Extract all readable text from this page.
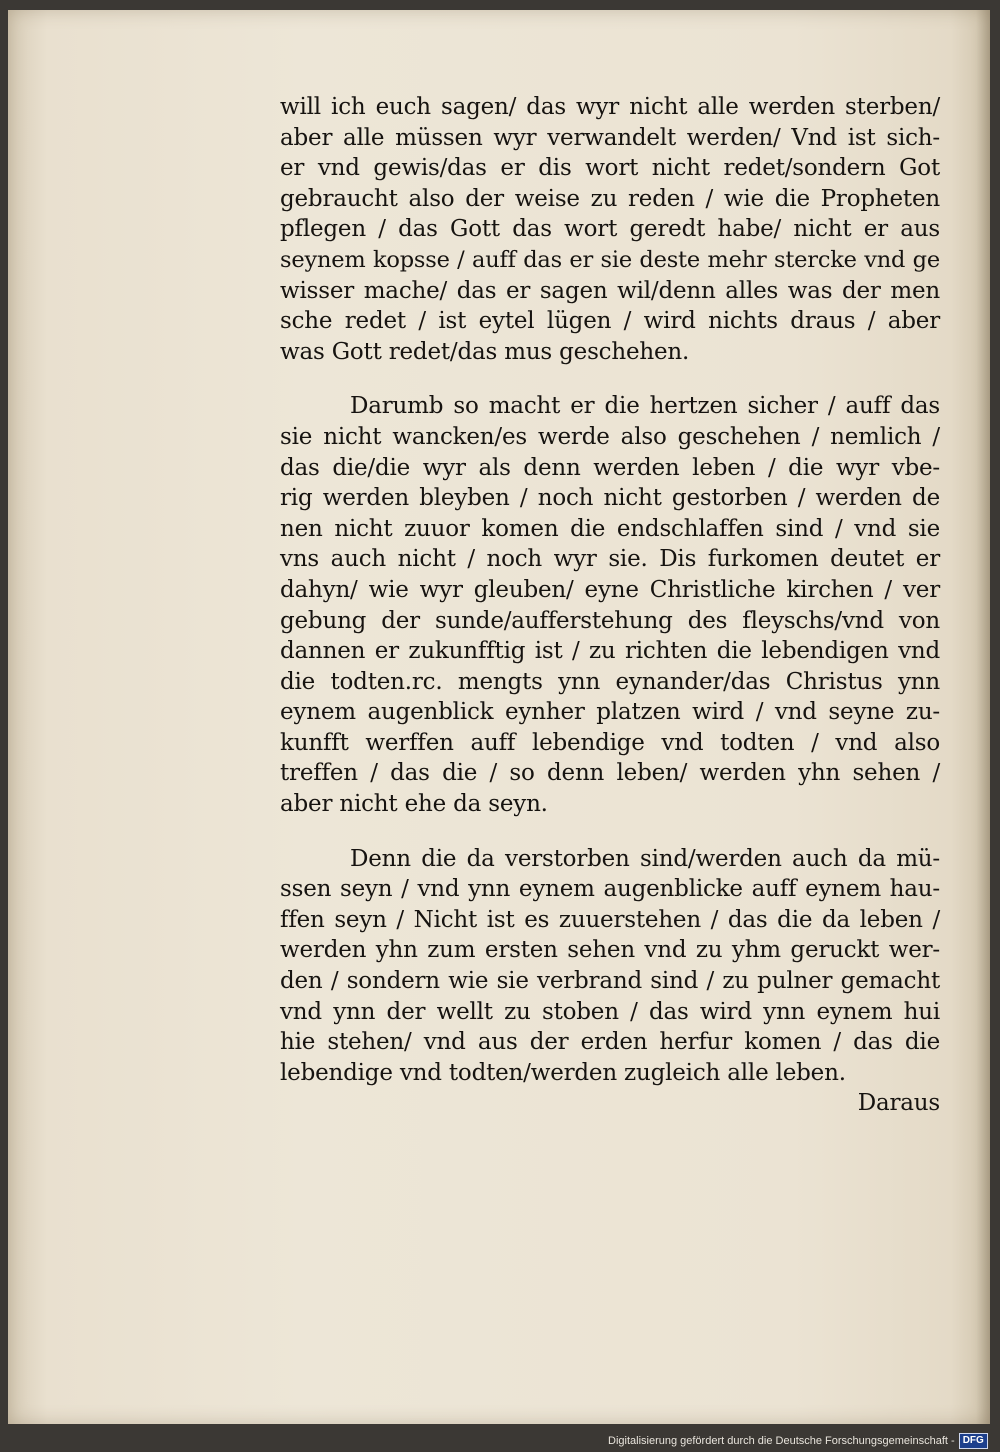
will ich euch sagen/ das wyr nicht alle werden sterben/
aber alle müssen wyr verwandelt werden/ Vnd ist sich-
er vnd gewis/das er dis wort nicht redet/sondern Got
gebraucht also der weise zu reden / wie die Propheten
pflegen / das Gott das wort geredt habe/ nicht er aus
seynem kopsse / auff das er sie deste mehr stercke vnd ge
wisser mache/ das er sagen wil/denn alles was der men
sche redet / ist eytel lügen / wird nichts draus / aber
was Gott redet/das mus geschehen.
Darumb so macht er die hertzen sicher / auff das
sie nicht wancken/es werde also geschehen / nemlich /
das die/die wyr als denn werden leben / die wyr vbe-
rig werden bleyben / noch nicht gestorben / werden de
nen nicht zuuor komen die endschlaffen sind / vnd sie
vns auch nicht / noch wyr sie. Dis furkomen deutet er
dahyn/ wie wyr gleuben/ eyne Christliche kirchen / ver
gebung der sunde/aufferstehung des fleyschs/vnd von
dannen er zukunfftig ist / zu richten die lebendigen vnd
die todten.rc. mengts ynn eynander/das Christus ynn
eynem augenblick eynher platzen wird / vnd seyne zu-
kunfft werffen auff lebendige vnd todten / vnd also
treffen / das die / so denn leben/ werden yhn sehen /
aber nicht ehe da seyn.
Denn die da verstorben sind/werden auch da mü-
ssen seyn / vnd ynn eynem augenblicke auff eynem hau-
ffen seyn / Nicht ist es zuuerstehen / das die da leben /
werden yhn zum ersten sehen vnd zu yhm geruckt wer-
den / sondern wie sie verbrand sind / zu pulner gemacht
vnd ynn der wellt zu stoben / das wird ynn eynem hui
hie stehen/ vnd aus der erden herfur komen / das die
lebendige vnd todten/werden zugleich alle leben.
Daraus
Digitalisierung gefördert durch die Deutsche Forschungsgemeinschaft - DFG
